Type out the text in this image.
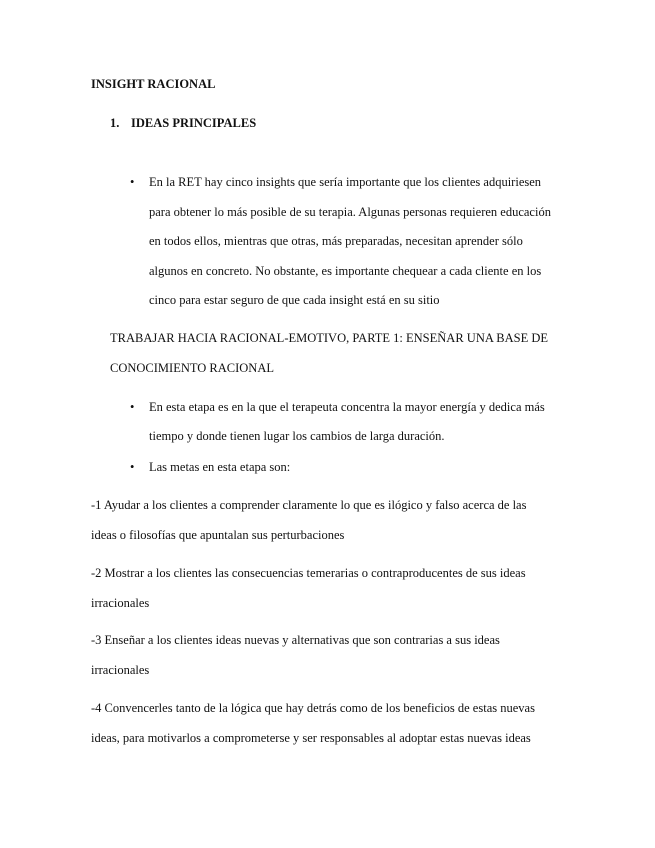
INSIGHT RACIONAL
1. IDEAS PRINCIPALES
• En la RET hay cinco insights que sería importante que los clientes adquiriesen
para obtener lo más posible de su terapia. Algunas personas requieren educación
en todos ellos, mientras que otras, más preparadas, necesitan aprender sólo
algunos en concreto. No obstante, es importante chequear a cada cliente en los
cinco para estar seguro de que cada insight está en su sitio
TRABAJAR HACIA RACIONAL-EMOTIVO, PARTE 1: ENSEÑAR UNA BASE DE
CONOCIMIENTO RACIONAL
• En esta etapa es en la que el terapeuta concentra la mayor energía y dedica más
tiempo y donde tienen lugar los cambios de larga duración.
• Las metas en esta etapa son:
-1 Ayudar a los clientes a comprender claramente lo que es ilógico y falso acerca de las
ideas o filosofías que apuntalan sus perturbaciones
-2 Mostrar a los clientes las consecuencias temerarias o contraproducentes de sus ideas
irracionales
-3 Enseñar a los clientes ideas nuevas y alternativas que son contrarias a sus ideas
irracionales
-4 Convencerles tanto de la lógica que hay detrás como de los beneficios de estas nuevas
ideas, para motivarlos a comprometerse y ser responsables al adoptar estas nuevas ideas
